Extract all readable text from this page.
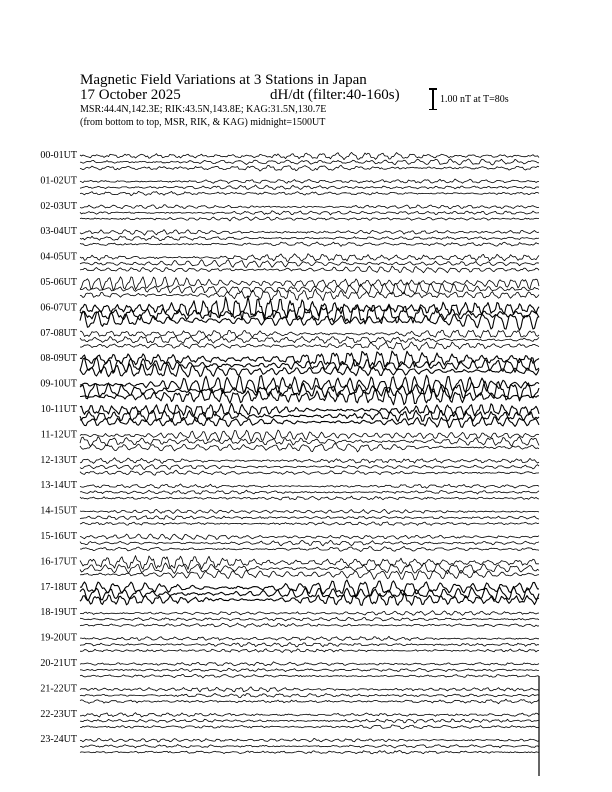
Magnetic Field Variations at 3 Stations in Japan
17 October 2025	dH/dt (filter:40-160s)
MSR:44.4N,142.3E; RIK:43.5N,143.8E; KAG:31.5N,130.7E
(from bottom to top, MSR, RIK, & KAG) midnight=1500UT
1.00 nT at T=80s
00-01UT
01-02UT
02-03UT
03-04UT
04-05UT
05-06UT
06-07UT
07-08UT
08-09UT
09-10UT
10-11UT
11-12UT
12-13UT
13-14UT
14-15UT
15-16UT
16-17UT
17-18UT
18-19UT
19-20UT
20-21UT
21-22UT
22-23UT
23-24UT
